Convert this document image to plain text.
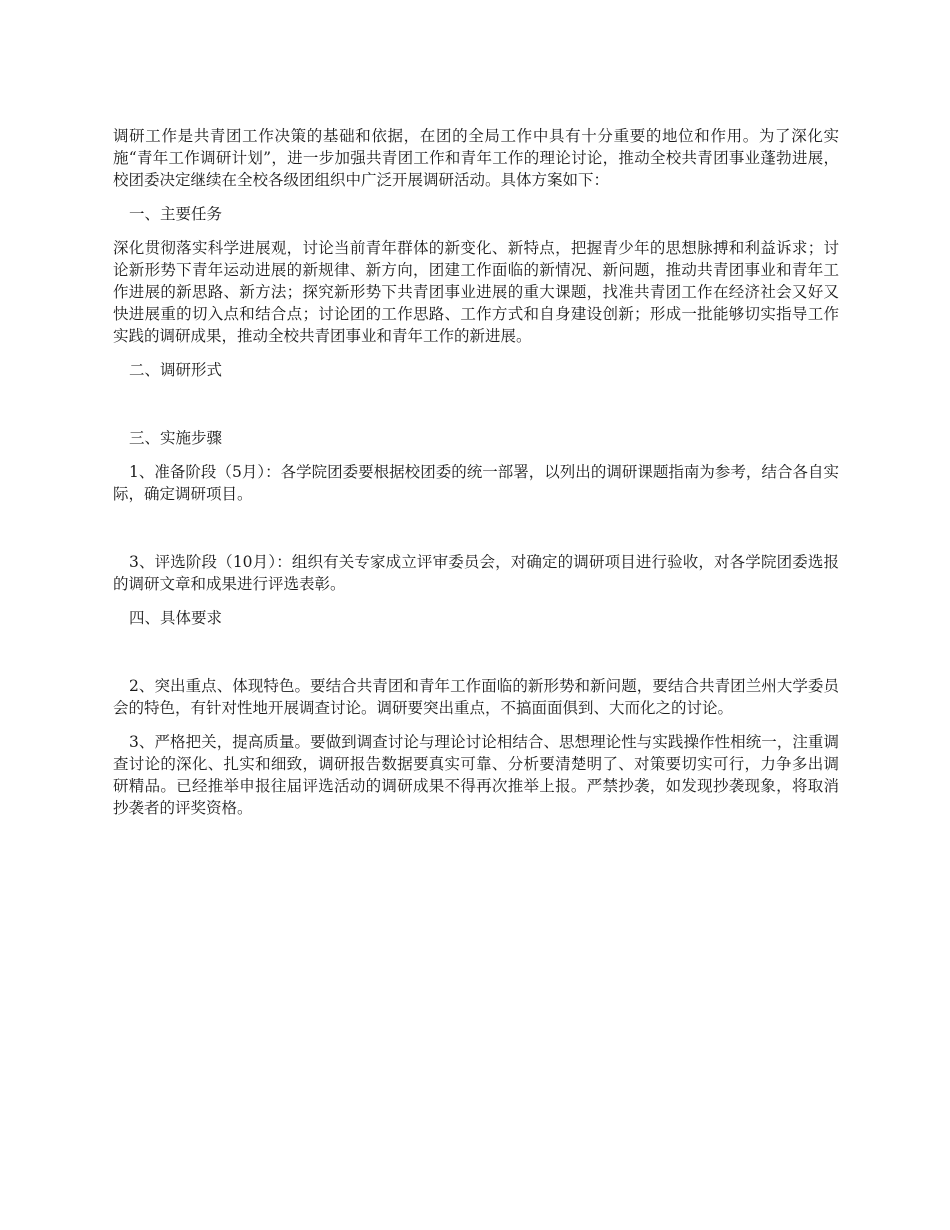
调研工作是共青团工作决策的基础和依据，在团的全局工作中具有十分重要的地位和作用。为了深化实施“青年工作调研计划”，进一步加强共青团工作和青年工作的理论讨论，推动全校共青团事业蓬勃进展，校团委决定继续在全校各级团组织中广泛开展调研活动。具体方案如下：

一、主要任务

深化贯彻落实科学进展观，讨论当前青年群体的新变化、新特点，把握青少年的思想脉搏和利益诉求；讨论新形势下青年运动进展的新规律、新方向，团建工作面临的新情况、新问题，推动共青团事业和青年工作进展的新思路、新方法；探究新形势下共青团事业进展的重大课题，找准共青团工作在经济社会又好又快进展重的切入点和结合点；讨论团的工作思路、工作方式和自身建设创新；形成一批能够切实指导工作实践的调研成果，推动全校共青团事业和青年工作的新进展。

二、调研形式

三、实施步骤

1、准备阶段（5月）：各学院团委要根据校团委的统一部署，以列出的调研课题指南为参考，结合各自实际，确定调研项目。

3、评选阶段（10月）：组织有关专家成立评审委员会，对确定的调研项目进行验收，对各学院团委选报的调研文章和成果进行评选表彰。

四、具体要求

2、突出重点、体现特色。要结合共青团和青年工作面临的新形势和新问题，要结合共青团兰州大学委员会的特色，有针对性地开展调查讨论。调研要突出重点，不搞面面俱到、大而化之的讨论。

3、严格把关，提高质量。要做到调查讨论与理论讨论相结合、思想理论性与实践操作性相统一，注重调查讨论的深化、扎实和细致，调研报告数据要真实可靠、分析要清楚明了、对策要切实可行，力争多出调研精品。已经推举申报往届评选活动的调研成果不得再次推举上报。严禁抄袭，如发现抄袭现象，将取消抄袭者的评奖资格。
